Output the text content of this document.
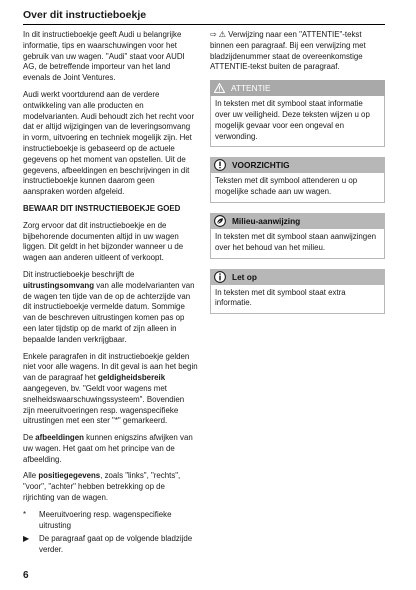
Over dit instructieboekje

In dit instructieboekje geeft Audi u belangrijke informatie, tips en waarschuwingen voor het gebruik van uw wagen. "Audi" staat voor AUDI AG, de betreffende importeur van het land evenals de Joint Ventures.

Audi werkt voortdurend aan de verdere ontwikkeling van alle producten en modelvarianten. Audi behoudt zich het recht voor dat er altijd wijzigingen van de leveringsomvang in vorm, uitvoering en techniek mogelijk zijn. Het instructieboekje is gebaseerd op de actuele gegevens op het moment van opstellen. Uit de gegevens, afbeeldingen en beschrijvingen in dit instructieboekje kunnen daarom geen aanspraken worden afgeleid.

BEWAAR DIT INSTRUCTIEBOEKJE GOED

Zorg ervoor dat dit instructieboekje en de bijbehorende documenten altijd in uw wagen liggen. Dit geldt in het bijzonder wanneer u de wagen aan anderen uitleent of verkoopt.

Dit instructieboekje beschrijft de uitrustingsomvang van alle modelvarianten van de wagen ten tijde van de op de achterzijde van dit instructieboekje vermelde datum. Sommige van de beschreven uitrustingen komen pas op een later tijdstip op de markt of zijn alleen in bepaalde landen verkrijgbaar.

Enkele paragrafen in dit instructieboekje gelden niet voor alle wagens. In dit geval is aan het begin van de paragraaf het geldigheidsbereik aangegeven, bv. "Geldt voor wagens met snelheidswaarschuwingssysteem". Bovendien zijn meeruitvoeringen resp. wagenspecifieke uitrustingen met een ster "*" gemarkeerd.

De afbeeldingen kunnen enigszins afwijken van uw wagen. Het gaat om het principe van de afbeelding.

Alle positiegegevens, zoals "links", "rechts", "voor", "achter" hebben betrekking op de rijrichting van de wagen.

*	Meeruitvoering resp. wagenspecifieke uitrusting
▶	De paragraaf gaat op de volgende bladzijde verder.

⇨ ⚠ Verwijzing naar een "ATTENTIE"-tekst binnen een paragraaf. Bij een verwijzing met bladzijdenummer staat de overeenkomstige ATTENTIE-tekst buiten de paragraaf.

ATTENTIE
In teksten met dit symbool staat informatie over uw veiligheid. Deze teksten wijzen u op mogelijk gevaar voor een ongeval en verwonding.
VOORZICHTIG
Teksten met dit symbool attenderen u op mogelijke schade aan uw wagen.
Milieu-aanwijzing
In teksten met dit symbool staan aanwijzingen over het behoud van het milieu.
Let op
In teksten met dit symbool staat extra informatie.
6
